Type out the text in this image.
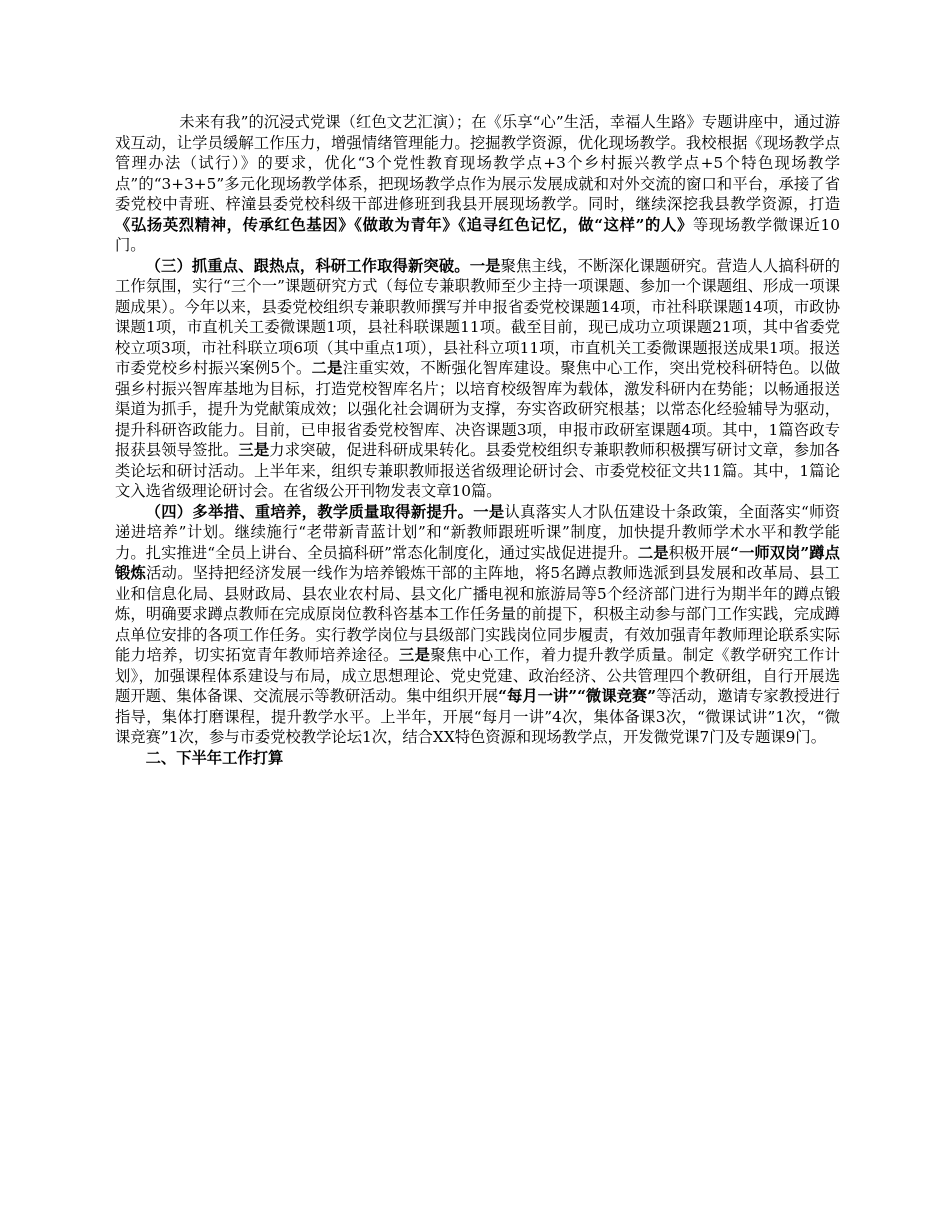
未来有我”的沉浸式党课（红色文艺汇演）；在《乐享“心”生活，幸福人生路》专题讲座中，通过游戏互动，让学员缓解工作压力，增强情绪管理能力。挖掘教学资源，优化现场教学。我校根据《现场教学点管理办法（试行）》的要求，优化“3个党性教育现场教学点+3个乡村振兴教学点+5个特色现场教学点”的“3+3+5”多元化现场教学体系，把现场教学点作为展示发展成就和对外交流的窗口和平台，承接了省委党校中青班、梓潼县委党校科级干部进修班到我县开展现场教学。同时，继续深挖我县教学资源，打造《弘扬英烈精神，传承红色基因》《做敢为青年》《追寻红色记忆，做“这样”的人》等现场教学微课近10门。

（三）抓重点、跟热点，科研工作取得新突破。一是聚焦主线，不断深化课题研究。营造人人搞科研的工作氛围，实行“三个一”课题研究方式（每位专兼职教师至少主持一项课题、参加一个课题组、形成一项课题成果）。今年以来，县委党校组织专兼职教师撰写并申报省委党校课题14项，市社科联课题14项，市政协课题1项，市直机关工委微课题1项，县社科联课题11项。截至目前，现已成功立项课题21项，其中省委党校立项3项，市社科联立项6项（其中重点1项），县社科立项11项，市直机关工委微课题报送成果1项。报送市委党校乡村振兴案例5个。二是注重实效，不断强化智库建设。聚焦中心工作，突出党校科研特色。以做强乡村振兴智库基地为目标，打造党校智库名片；以培育校级智库为载体，激发科研内在势能；以畅通报送渠道为抓手，提升为党献策成效；以强化社会调研为支撑，夯实咨政研究根基；以常态化经验辅导为驱动，提升科研咨政能力。目前，已申报省委党校智库、决咨课题3项，申报市政研室课题4项。其中，1篇咨政专报获县领导签批。三是力求突破，促进科研成果转化。县委党校组织专兼职教师积极撰写研讨文章，参加各类论坛和研讨活动。上半年来，组织专兼职教师报送省级理论研讨会、市委党校征文共11篇。其中，1篇论文入选省级理论研讨会。在省级公开刊物发表文章10篇。

（四）多举措、重培养，教学质量取得新提升。一是认真落实人才队伍建设十条政策，全面落实“师资递进培养”计划。继续施行“老带新青蓝计划”和“新教师跟班听课”制度，加快提升教师学术水平和教学能力。扎实推进“全员上讲台、全员搞科研”常态化制度化，通过实战促进提升。二是积极开展“一师双岗”蹲点锻炼活动。坚持把经济发展一线作为培养锻炼干部的主阵地，将5名蹲点教师选派到县发展和改革局、县工业和信息化局、县财政局、县农业农村局、县文化广播电视和旅游局等5个经济部门进行为期半年的蹲点锻炼，明确要求蹲点教师在完成原岗位教科咨基本工作任务量的前提下，积极主动参与部门工作实践，完成蹲点单位安排的各项工作任务。实行教学岗位与县级部门实践岗位同步履责，有效加强青年教师理论联系实际能力培养，切实拓宽青年教师培养途径。三是聚焦中心工作，着力提升教学质量。制定《教学研究工作计划》，加强课程体系建设与布局，成立思想理论、党史党建、政治经济、公共管理四个教研组，自行开展选题开题、集体备课、交流展示等教研活动。集中组织开展“每月一讲”“微课竞赛”等活动，邀请专家教授进行指导，集体打磨课程，提升教学水平。上半年，开展“每月一讲”4次，集体备课3次，“微课试讲”1次，“微课竞赛”1次，参与市委党校教学论坛1次，结合XX特色资源和现场教学点，开发微党课7门及专题课9门。

二、下半年工作打算
